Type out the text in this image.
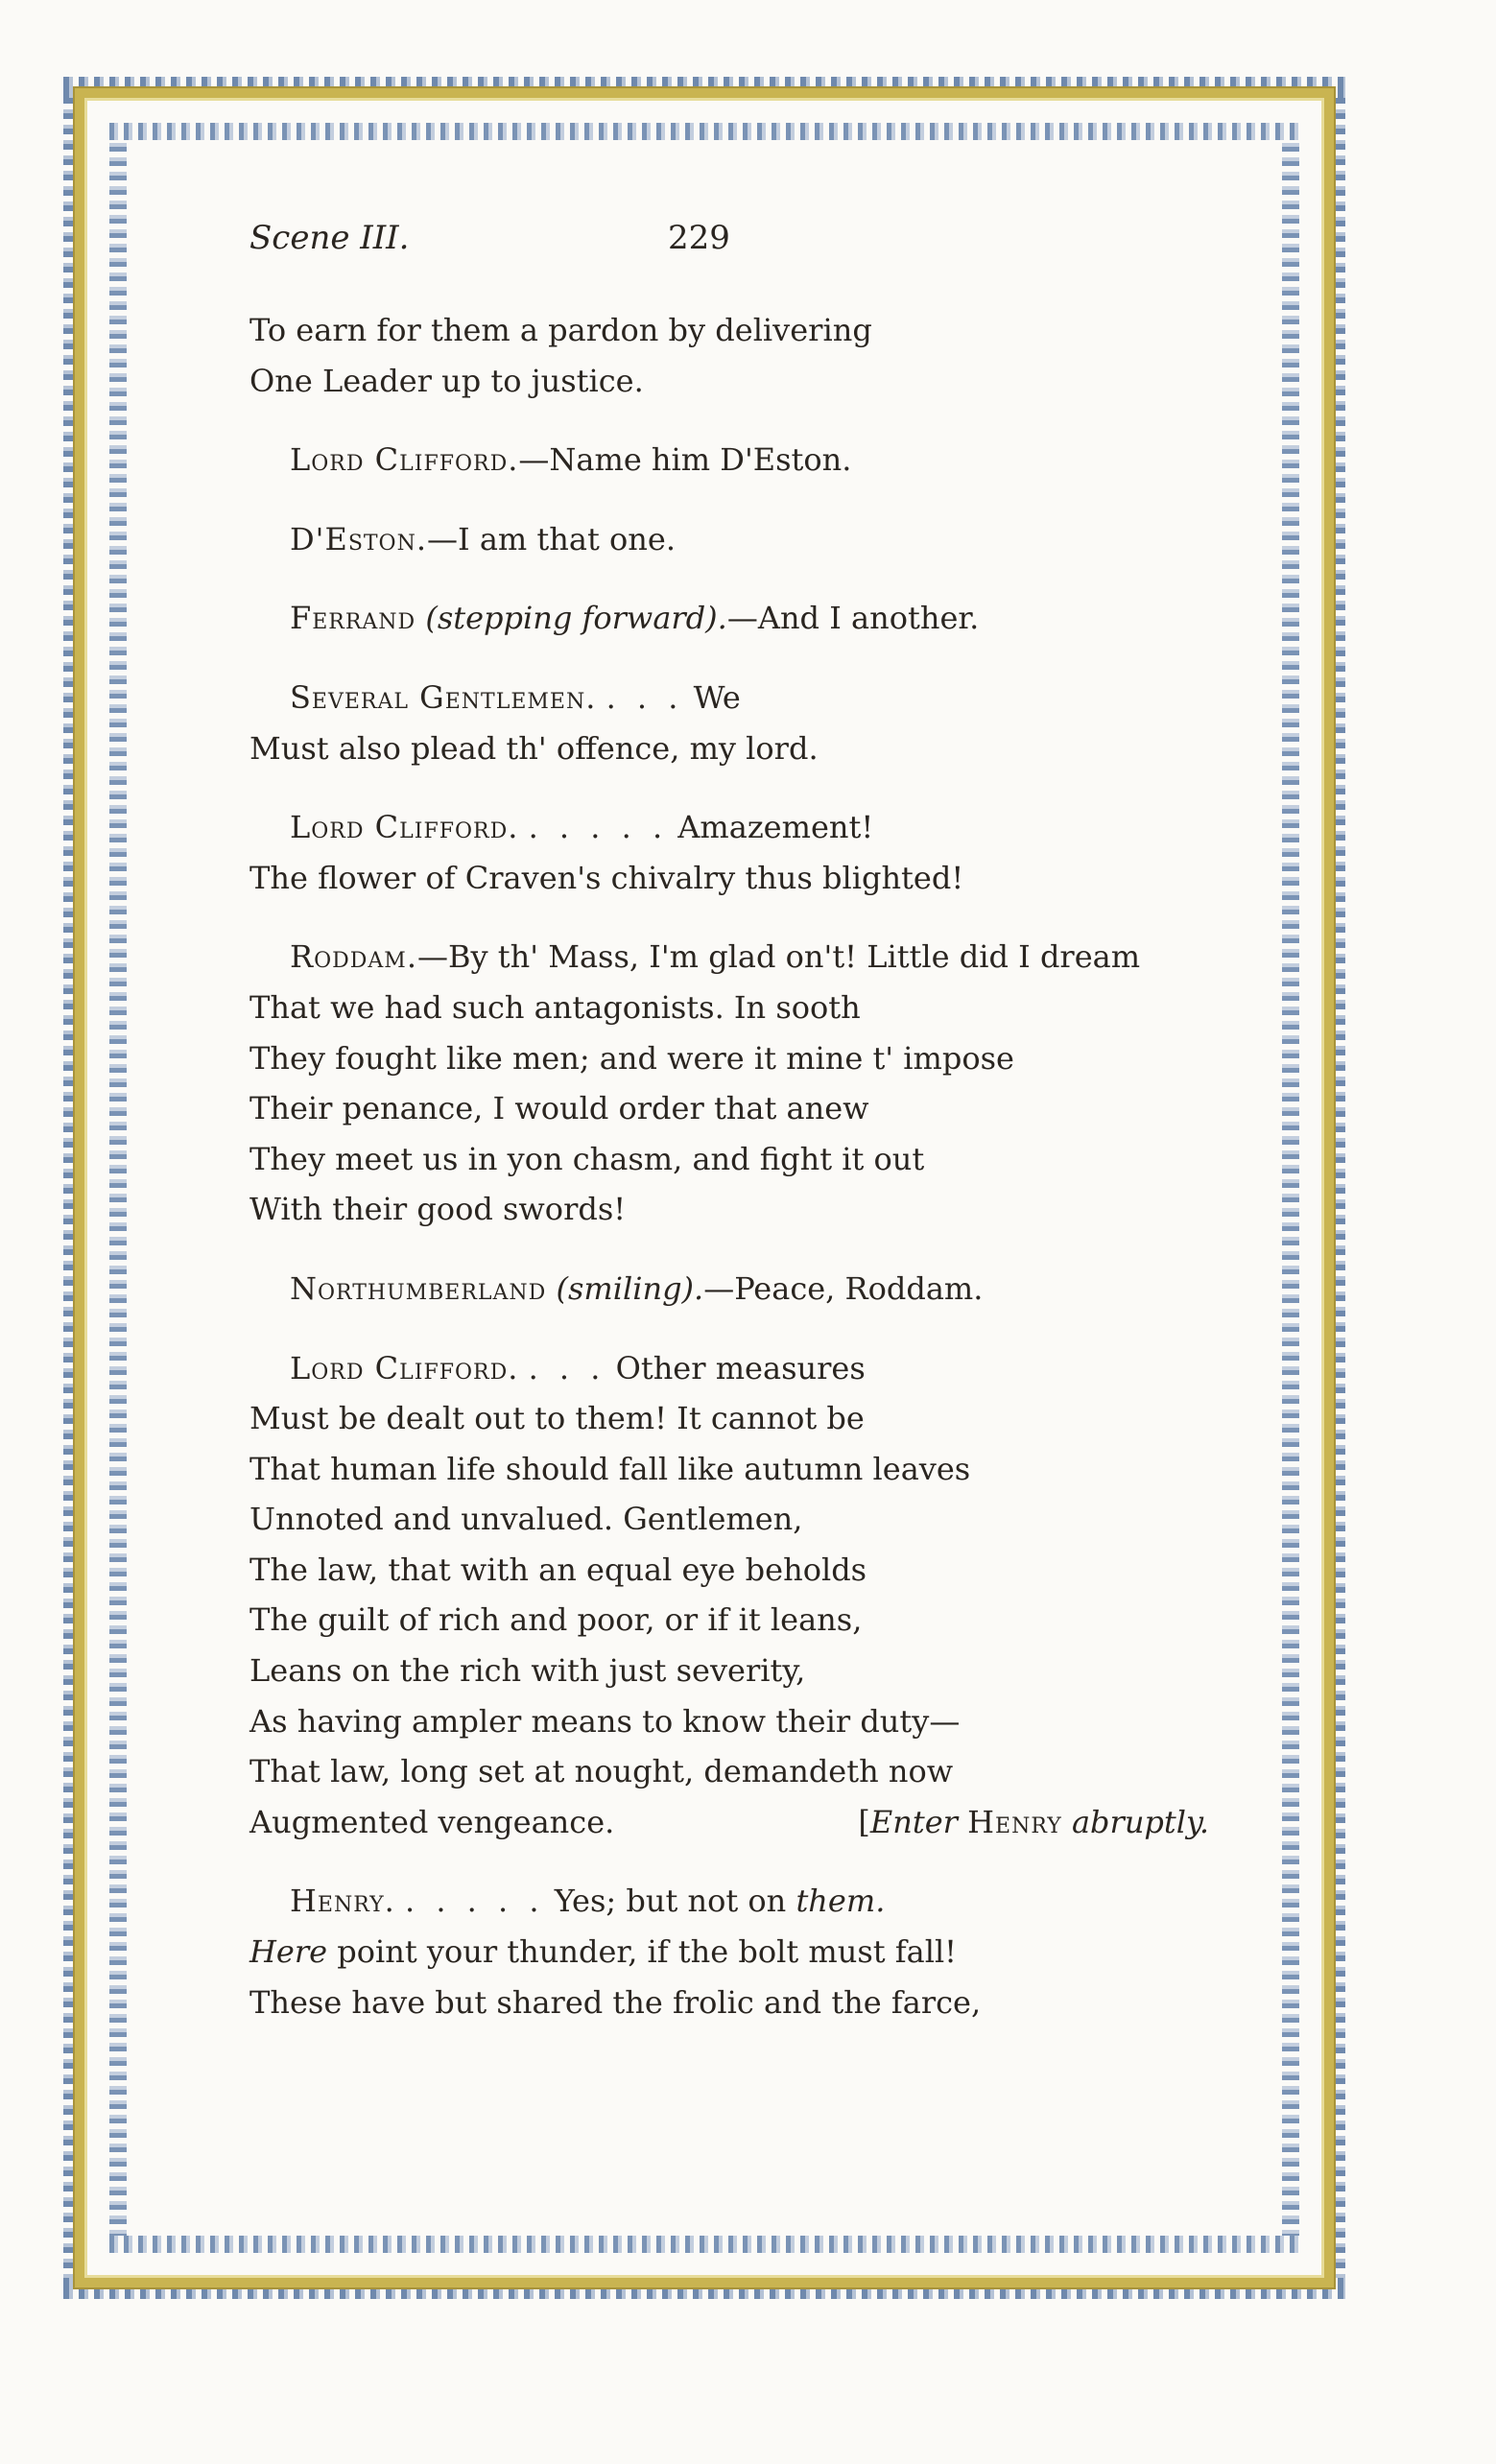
Scene III.	229
To earn for them a pardon by delivering
One Leader up to justice.
Lord Clifford.—Name him D'Eston.
D'Eston.—I am that one.
Ferrand (stepping forward).—And I another.
Several Gentlemen. . . . We
Must also plead th' offence, my lord.
Lord Clifford. . . . . . Amazement!
The flower of Craven's chivalry thus blighted!
Roddam.—By th' Mass, I'm glad on't! Little did I dream
That we had such antagonists. In sooth
They fought like men; and were it mine t' impose
Their penance, I would order that anew
They meet us in yon chasm, and fight it out
With their good swords!
Northumberland (smiling).—Peace, Roddam.
Lord Clifford. . . . Other measures
Must be dealt out to them! It cannot be
That human life should fall like autumn leaves
Unnoted and unvalued. Gentlemen,
The law, that with an equal eye beholds
The guilt of rich and poor, or if it leans,
Leans on the rich with just severity,
As having ampler means to know their duty—
That law, long set at nought, demandeth now
Augmented vengeance.	[Enter Henry abruptly.
Henry. . . . . . Yes; but not on them.
Here point your thunder, if the bolt must fall!
These have but shared the frolic and the farce,
